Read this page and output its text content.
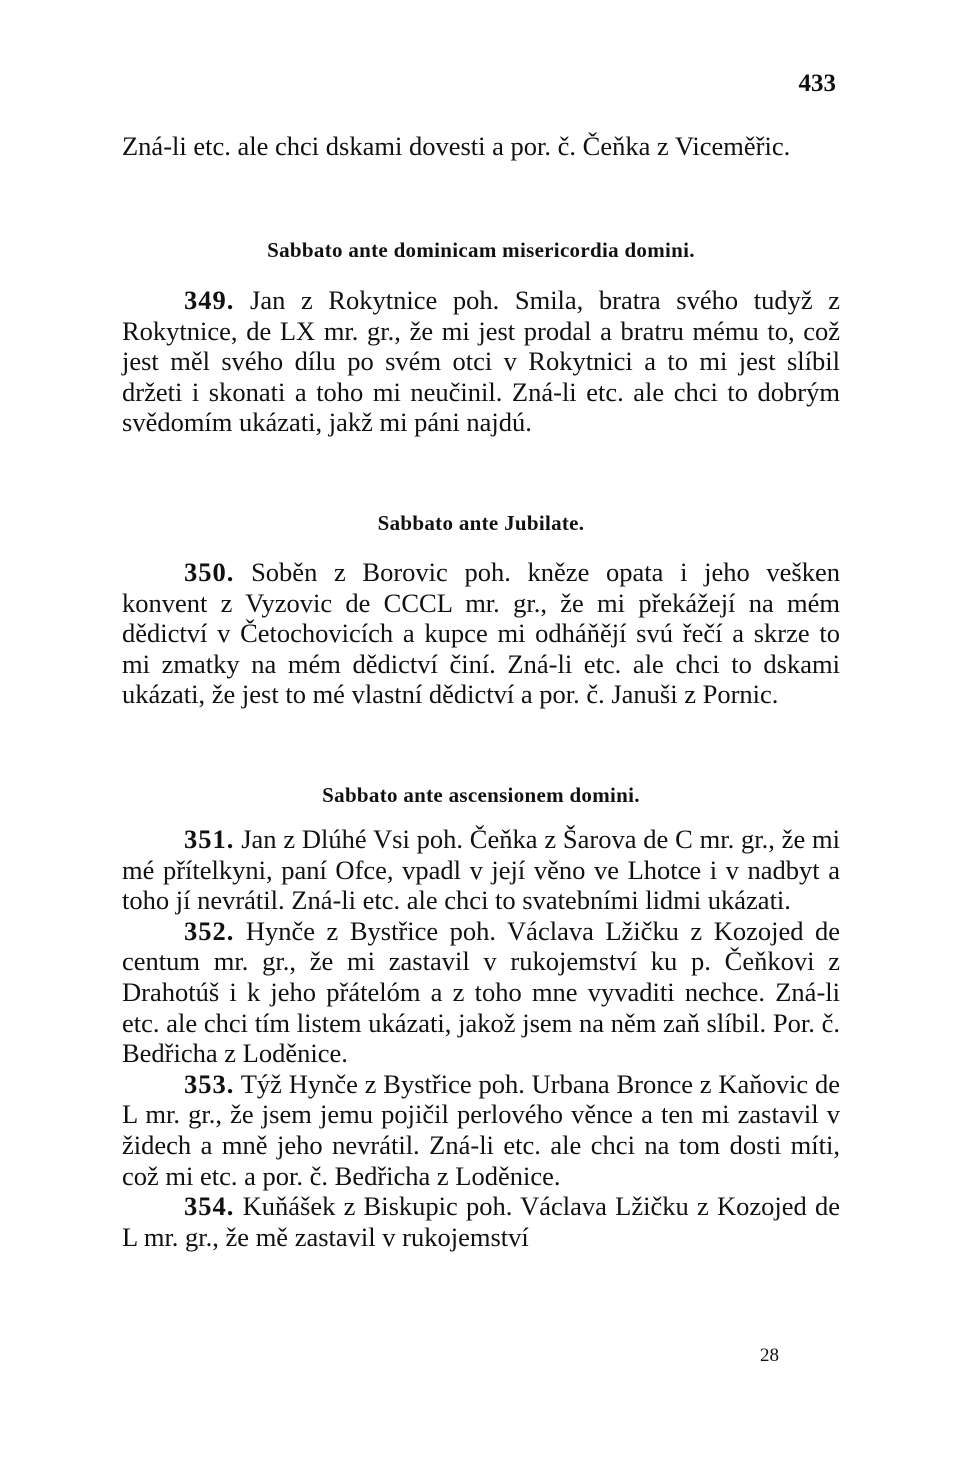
433

Zná-li etc. ale chci dskami dovesti a por. č. Čeňka z Viceměřic.

Sabbato ante dominicam misericordia domini.

349. Jan z Rokytnice poh. Smila, bratra svého tudyž z Rokytnice, de LX mr. gr., že mi jest prodal a bratru mému to, což jest měl svého dílu po svém otci v Rokytnici a to mi jest slíbil držeti i skonati a toho mi neučinil. Zná-li etc. ale chci to dobrým svědomím ukázati, jakž mi páni najdú.

Sabbato ante Jubilate.

350. Soběn z Borovic poh. kněze opata i jeho vešken konvent z Vyzovic de CCCL mr. gr., že mi překážejí na mém dědictví v Četochovicích a kupce mi odháňějí svú řečí a skrze to mi zmatky na mém dědictví činí. Zná-li etc. ale chci to dskami ukázati, že jest to mé vlastní dědictví a por. č. Januši z Pornic.

Sabbato ante ascensionem domini.

351. Jan z Dlúhé Vsi poh. Čeňka z Šarova de C mr. gr., že mi mé přítelkyni, paní Ofce, vpadl v její věno ve Lhotce i v nadbyt a toho jí nevrátil. Zná-li etc. ale chci to svatebními lidmi ukázati.

352. Hynče z Bystřice poh. Václava Lžičku z Kozojed de centum mr. gr., že mi zastavil v rukojemství ku p. Čeňkovi z Drahotúš i k jeho přátelóm a z toho mne vyvaditi nechce. Zná-li etc. ale chci tím listem ukázati, jakož jsem na něm zaň slíbil. Por. č. Bedřicha z Loděnice.

353. Týž Hynče z Bystřice poh. Urbana Bronce z Kaňovic de L mr. gr., že jsem jemu pojičil perlového věnce a ten mi zastavil v židech a mně jeho nevrátil. Zná-li etc. ale chci na tom dosti míti, což mi etc. a por. č. Bedřicha z Loděnice.

354. Kuňášek z Biskupic poh. Václava Lžičku z Kozojed de L mr. gr., že mě zastavil v rukojemství

28
